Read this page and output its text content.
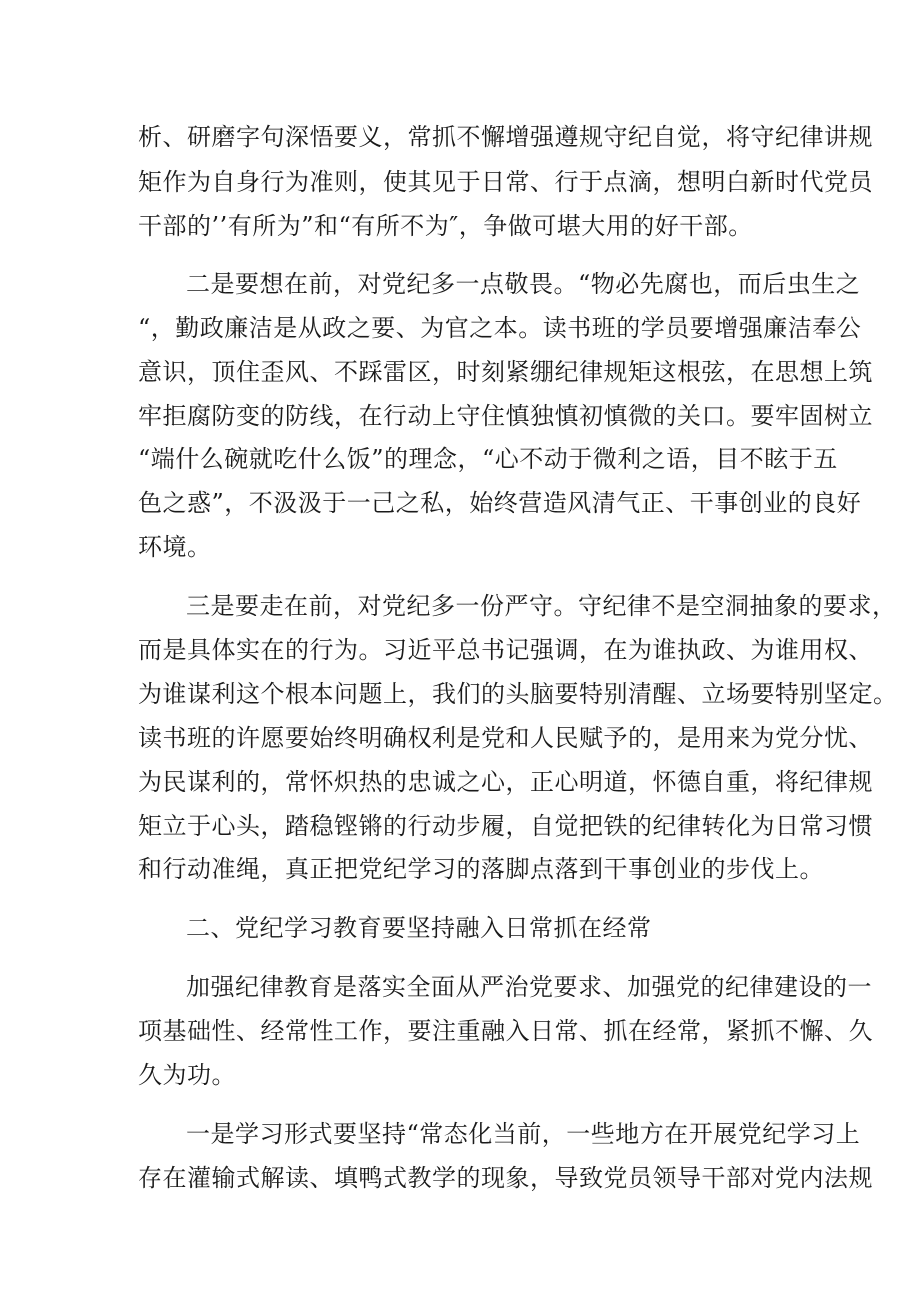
析、研磨字句深悟要义，常抓不懈增强遵规守纪自觉，将守纪律讲规
矩作为自身行为准则，使其见于日常、行于点滴，想明白新时代党员
干部的’’有所为”和“有所不为″，争做可堪大用的好干部。
二是要想在前，对党纪多一点敬畏。“物必先腐也，而后虫生之
“，勤政廉洁是从政之要、为官之本。读书班的学员要增强廉洁奉公
意识，顶住歪风、不踩雷区，时刻紧绷纪律规矩这根弦，在思想上筑
牢拒腐防变的防线，在行动上守住慎独慎初慎微的关口。要牢固树立
“端什么碗就吃什么饭”的理念，“心不动于微利之语，目不眩于五
色之惑”，不汲汲于一己之私，始终营造风清气正、干事创业的良好
环境。
三是要走在前，对党纪多一份严守。守纪律不是空洞抽象的要求，
而是具体实在的行为。习近平总书记强调，在为谁执政、为谁用权、
为谁谋利这个根本问题上，我们的头脑要特别清醒、立场要特别坚定。
读书班的许愿要始终明确权利是党和人民赋予的，是用来为党分忧、
为民谋利的，常怀炽热的忠诚之心，正心明道，怀德自重，将纪律规
矩立于心头，踏稳铿锵的行动步履，自觉把铁的纪律转化为日常习惯
和行动准绳，真正把党纪学习的落脚点落到干事创业的步伐上。
二、党纪学习教育要坚持融入日常抓在经常
加强纪律教育是落实全面从严治党要求、加强党的纪律建设的一
项基础性、经常性工作，要注重融入日常、抓在经常，紧抓不懈、久
久为功。
一是学习形式要坚持“常态化当前，一些地方在开展党纪学习上
存在灌输式解读、填鸭式教学的现象，导致党员领导干部对党内法规
